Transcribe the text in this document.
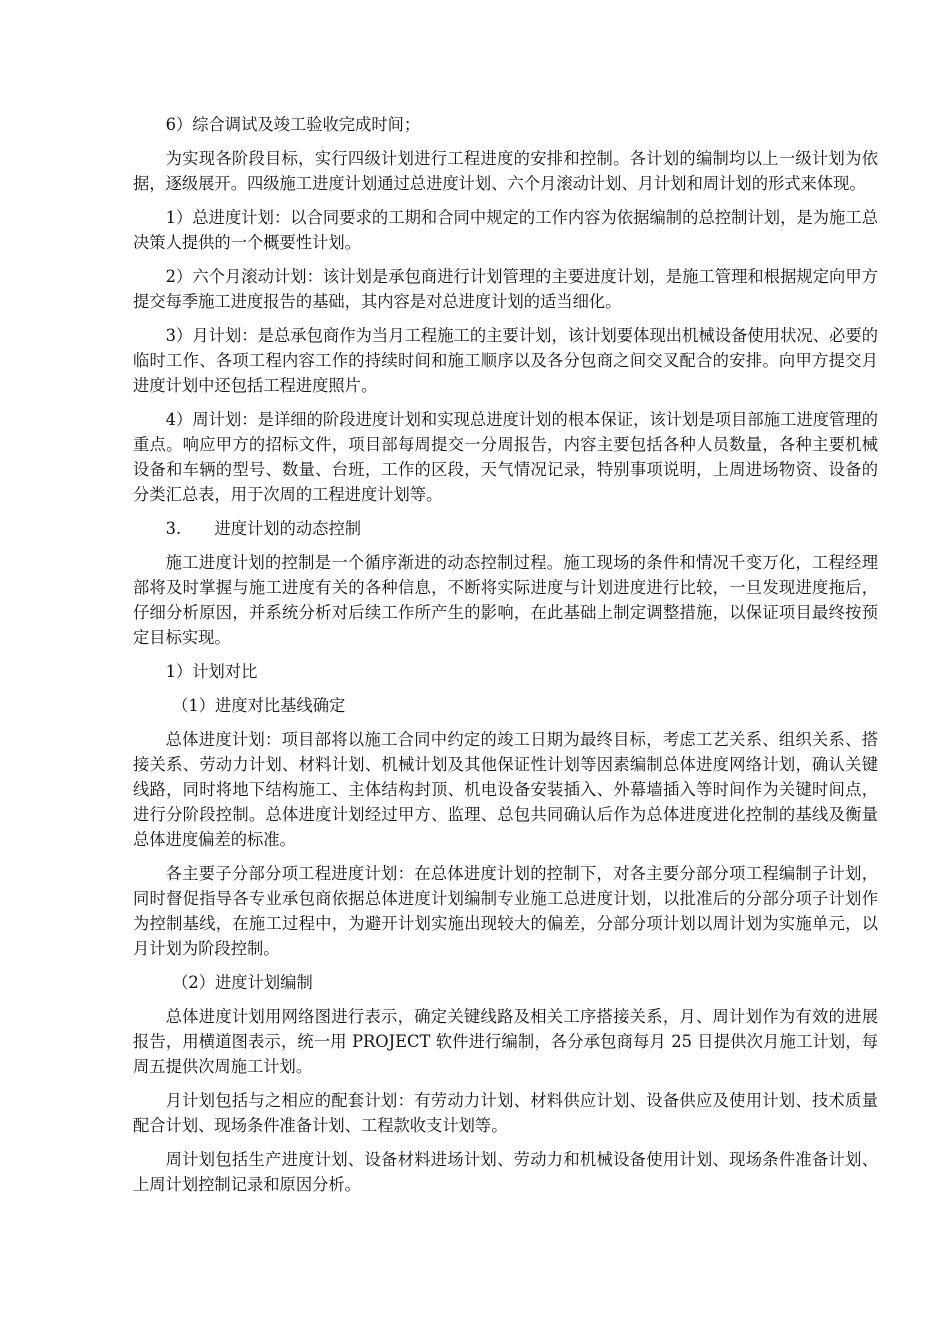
6）综合调试及竣工验收完成时间；

为实现各阶段目标，实行四级计划进行工程进度的安排和控制。各计划的编制均以上一级计划为依据，逐级展开。四级施工进度计划通过总进度计划、六个月滚动计划、月计划和周计划的形式来体现。

1）总进度计划：以合同要求的工期和合同中规定的工作内容为依据编制的总控制计划，是为施工总决策人提供的一个概要性计划。

2）六个月滚动计划：该计划是承包商进行计划管理的主要进度计划，是施工管理和根据规定向甲方提交每季施工进度报告的基础，其内容是对总进度计划的适当细化。

3）月计划：是总承包商作为当月工程施工的主要计划，该计划要体现出机械设备使用状况、必要的临时工作、各项工程内容工作的持续时间和施工顺序以及各分包商之间交叉配合的安排。向甲方提交月进度计划中还包括工程进度照片。

4）周计划：是详细的阶段进度计划和实现总进度计划的根本保证，该计划是项目部施工进度管理的重点。响应甲方的招标文件，项目部每周提交一分周报告，内容主要包括各种人员数量，各种主要机械设备和车辆的型号、数量、台班，工作的区段，天气情况记录，特别事项说明，上周进场物资、设备的分类汇总表，用于次周的工程进度计划等。

3. 进度计划的动态控制

施工进度计划的控制是一个循序渐进的动态控制过程。施工现场的条件和情况千变万化，工程经理部将及时掌握与施工进度有关的各种信息，不断将实际进度与计划进度进行比较，一旦发现进度拖后，仔细分析原因，并系统分析对后续工作所产生的影响，在此基础上制定调整措施，以保证项目最终按预定目标实现。

1）计划对比

（1）进度对比基线确定

总体进度计划：项目部将以施工合同中约定的竣工日期为最终目标，考虑工艺关系、组织关系、搭接关系、劳动力计划、材料计划、机械计划及其他保证性计划等因素编制总体进度网络计划，确认关键线路，同时将地下结构施工、主体结构封顶、机电设备安装插入、外幕墙插入等时间作为关键时间点，进行分阶段控制。总体进度计划经过甲方、监理、总包共同确认后作为总体进度进化控制的基线及衡量总体进度偏差的标准。

各主要子分部分项工程进度计划：在总体进度计划的控制下，对各主要分部分项工程编制子计划，同时督促指导各专业承包商依据总体进度计划编制专业施工总进度计划，以批准后的分部分项子计划作为控制基线，在施工过程中，为避开计划实施出现较大的偏差，分部分项计划以周计划为实施单元，以月计划为阶段控制。

（2）进度计划编制

总体进度计划用网络图进行表示，确定关键线路及相关工序搭接关系，月、周计划作为有效的进展报告，用横道图表示，统一用 PROJECT 软件进行编制，各分承包商每月 25 日提供次月施工计划，每周五提供次周施工计划。

月计划包括与之相应的配套计划：有劳动力计划、材料供应计划、设备供应及使用计划、技术质量配合计划、现场条件准备计划、工程款收支计划等。

周计划包括生产进度计划、设备材料进场计划、劳动力和机械设备使用计划、现场条件准备计划、上周计划控制记录和原因分析。
